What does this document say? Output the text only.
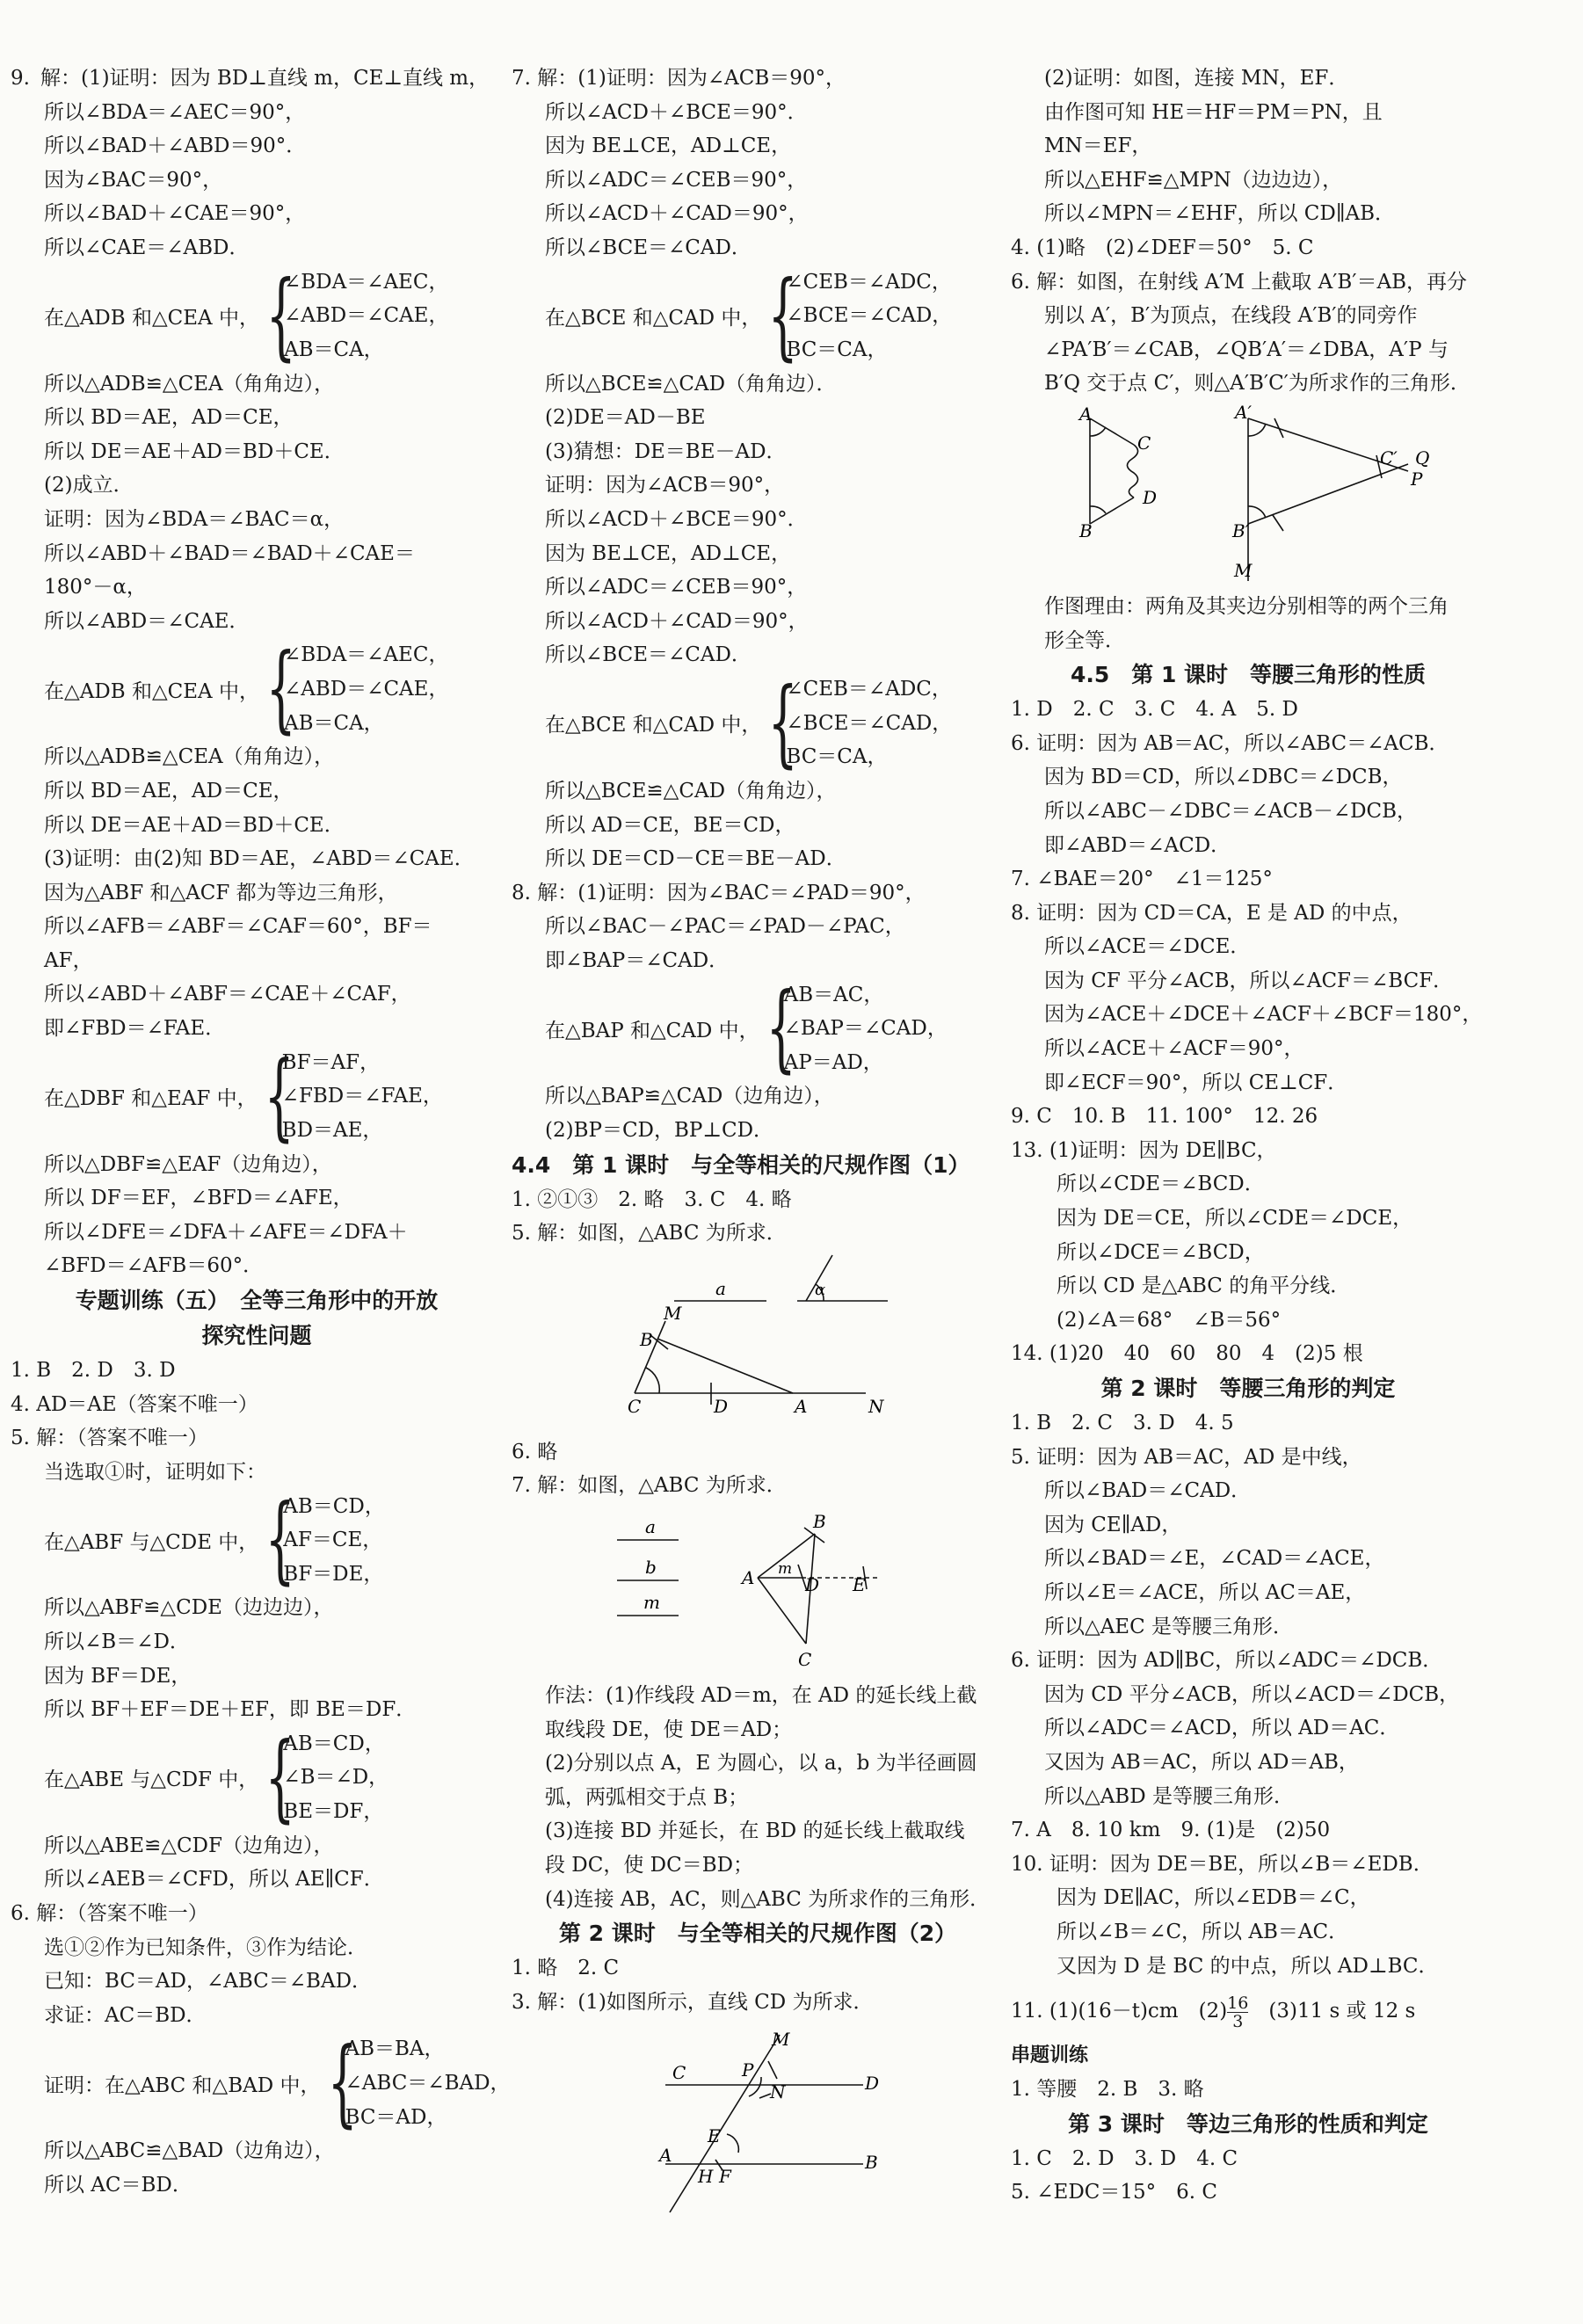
9. 解：(1)证明：因为 BD⊥直线 m，CE⊥直线 m，
所以∠BDA＝∠AEC＝90°，
所以∠BAD＋∠ABD＝90°．
因为∠BAC＝90°，
所以∠BAD＋∠CAE＝90°，
所以∠CAE＝∠ABD．
在△ADB 和△CEA 中， {
∠BDA＝∠AEC，
∠ABD＝∠CAE，
AB＝CA，
所以△ADB≌△CEA（角角边），
所以 BD＝AE，AD＝CE，
所以 DE＝AE＋AD＝BD＋CE．
(2)成立．
证明：因为∠BDA＝∠BAC＝α，
所以∠ABD＋∠BAD＝∠BAD＋∠CAE＝
180°－α，
所以∠ABD＝∠CAE．
在△ADB 和△CEA 中， {
∠BDA＝∠AEC，
∠ABD＝∠CAE，
AB＝CA，
所以△ADB≌△CEA（角角边），
所以 BD＝AE，AD＝CE，
所以 DE＝AE＋AD＝BD＋CE．
(3)证明：由(2)知 BD＝AE，∠ABD＝∠CAE．
因为△ABF 和△ACF 都为等边三角形，
所以∠AFB＝∠ABF＝∠CAF＝60°，BF＝
AF，
所以∠ABD＋∠ABF＝∠CAE＋∠CAF，
即∠FBD＝∠FAE．
在△DBF 和△EAF 中， {
BF＝AF，
∠FBD＝∠FAE，
BD＝AE，
所以△DBF≌△EAF（边角边），
所以 DF＝EF，∠BFD＝∠AFE，
所以∠DFE＝∠DFA＋∠AFE＝∠DFA＋
∠BFD＝∠AFB＝60°．
专题训练（五）　全等三角形中的开放
探究性问题
1. B　2. D　3. D
4. AD＝AE（答案不唯一）
5. 解：（答案不唯一）
当选取①时，证明如下：
在△ABF 与△CDE 中， {
AB＝CD，
AF＝CE，
BF＝DE，
所以△ABF≌△CDE（边边边），
所以∠B＝∠D．
因为 BF＝DE，
所以 BF＋EF＝DE＋EF，即 BE＝DF．
在△ABE 与△CDF 中， {
AB＝CD，
∠B＝∠D，
BE＝DF，
所以△ABE≌△CDF（边角边），
所以∠AEB＝∠CFD，所以 AE∥CF．
6. 解：（答案不唯一）
选①②作为已知条件，③作为结论．
已知：BC＝AD，∠ABC＝∠BAD．
求证：AC＝BD．
证明：在△ABC 和△BAD 中， {
AB＝BA，
∠ABC＝∠BAD，
BC＝AD，
所以△ABC≌△BAD（边角边），
所以 AC＝BD．
7. 解：(1)证明：因为∠ACB＝90°，
所以∠ACD＋∠BCE＝90°．
因为 BE⊥CE，AD⊥CE，
所以∠ADC＝∠CEB＝90°，
所以∠ACD＋∠CAD＝90°，
所以∠BCE＝∠CAD．
在△BCE 和△CAD 中， {
∠CEB＝∠ADC，
∠BCE＝∠CAD，
BC＝CA，
所以△BCE≌△CAD（角角边）．
(2)DE＝AD－BE
(3)猜想：DE＝BE－AD．
证明：因为∠ACB＝90°，
所以∠ACD＋∠BCE＝90°．
因为 BE⊥CE，AD⊥CE，
所以∠ADC＝∠CEB＝90°，
所以∠ACD＋∠CAD＝90°，
所以∠BCE＝∠CAD．
在△BCE 和△CAD 中， {
∠CEB＝∠ADC，
∠BCE＝∠CAD，
BC＝CA，
所以△BCE≌△CAD（角角边），
所以 AD＝CE，BE＝CD，
所以 DE＝CD－CE＝BE－AD．
8. 解：(1)证明：因为∠BAC＝∠PAD＝90°，
所以∠BAC－∠PAC＝∠PAD－∠PAC，
即∠BAP＝∠CAD．
在△BAP 和△CAD 中， {
AB＝AC，
∠BAP＝∠CAD，
AP＝AD，
所以△BAP≌△CAD（边角边），
(2)BP＝CD，BP⊥CD．
4.4　第 1 课时　与全等相关的尺规作图（1）
1. ②①③　2. 略　3. C　4. 略
5. 解：如图，△ABC 为所求．
a	α
M
B
C	D	A	N
6. 略
7. 解：如图，△ABC 为所求．
a
b
m
B
A m
D E
C
作法：(1)作线段 AD＝m，在 AD 的延长线上截
取线段 DE，使 DE＝AD；
(2)分别以点 A，E 为圆心，以 a，b 为半径画圆
弧，两弧相交于点 B；
(3)连接 BD 并延长，在 BD 的延长线上截取线
段 DC，使 DC＝BD；
(4)连接 AB，AC，则△ABC 为所求作的三角形．
第 2 课时　与全等相关的尺规作图（2）
1. 略　2. C
3. 解：(1)如图所示，直线 CD 为所求．
M
C	P
N	D
E
A
H F
B
(2)证明：如图，连接 MN，EF．
由作图可知 HE＝HF＝PM＝PN，且
MN＝EF，
所以△EHF≌△MPN（边边边），
所以∠MPN＝∠EHF，所以 CD∥AB．
4. (1)略　(2)∠DEF＝50°　5. C
6. 解：如图，在射线 A′M 上截取 A′B′＝AB，再分
别以 A′，B′为顶点，在线段 A′B′的同旁作
∠PA′B′＝∠CAB，∠QB′A′＝∠DBA，A′P 与
B′Q 交于点 C′，则△A′B′C′为所求作的三角形．
A
C
D
B
A′
C′ Q
P
B′
M
作图理由：两角及其夹边分别相等的两个三角
形全等．
4.5　第 1 课时　等腰三角形的性质
1. D　2. C　3. C　4. A　5. D
6. 证明：因为 AB＝AC，所以∠ABC＝∠ACB．
因为 BD＝CD，所以∠DBC＝∠DCB，
所以∠ABC－∠DBC＝∠ACB－∠DCB，
即∠ABD＝∠ACD．
7. ∠BAE＝20°　∠1＝125°
8. 证明：因为 CD＝CA，E 是 AD 的中点，
所以∠ACE＝∠DCE．
因为 CF 平分∠ACB，所以∠ACF＝∠BCF．
因为∠ACE＋∠DCE＋∠ACF＋∠BCF＝180°，
所以∠ACE＋∠ACF＝90°，
即∠ECF＝90°，所以 CE⊥CF．
9. C　10. B　11. 100°　12. 26
13. (1)证明：因为 DE∥BC，
所以∠CDE＝∠BCD．
因为 DE＝CE，所以∠CDE＝∠DCE，
所以∠DCE＝∠BCD，
所以 CD 是△ABC 的角平分线．
(2)∠A＝68°　∠B＝56°
14. (1)20　40　60　80　4　(2)5 根
第 2 课时　等腰三角形的判定
1. B　2. C　3. D　4. 5
5. 证明：因为 AB＝AC，AD 是中线，
所以∠BAD＝∠CAD．
因为 CE∥AD，
所以∠BAD＝∠E，∠CAD＝∠ACE，
所以∠E＝∠ACE，所以 AC＝AE，
所以△AEC 是等腰三角形．
6. 证明：因为 AD∥BC，所以∠ADC＝∠DCB．
因为 CD 平分∠ACB，所以∠ACD＝∠DCB，
所以∠ADC＝∠ACD，所以 AD＝AC．
又因为 AB＝AC，所以 AD＝AB，
所以△ABD 是等腰三角形．
7. A　8. 10 km　9. (1)是　(2)50
10. 证明：因为 DE＝BE，所以∠B＝∠EDB．
因为 DE∥AC，所以∠EDB＝∠C，
所以∠B＝∠C，所以 AB＝AC．
又因为 D 是 BC 的中点，所以 AD⊥BC．
11. (1)(16－t)cm　$(2) \frac{16}{3}$ 　(3)11 s 或 12 s
串题训练
1. 等腰　2. B　3. 略
第 3 课时　等边三角形的性质和判定
1. C　2. D　3. D　4. C
5. ∠EDC＝15°　6. C
